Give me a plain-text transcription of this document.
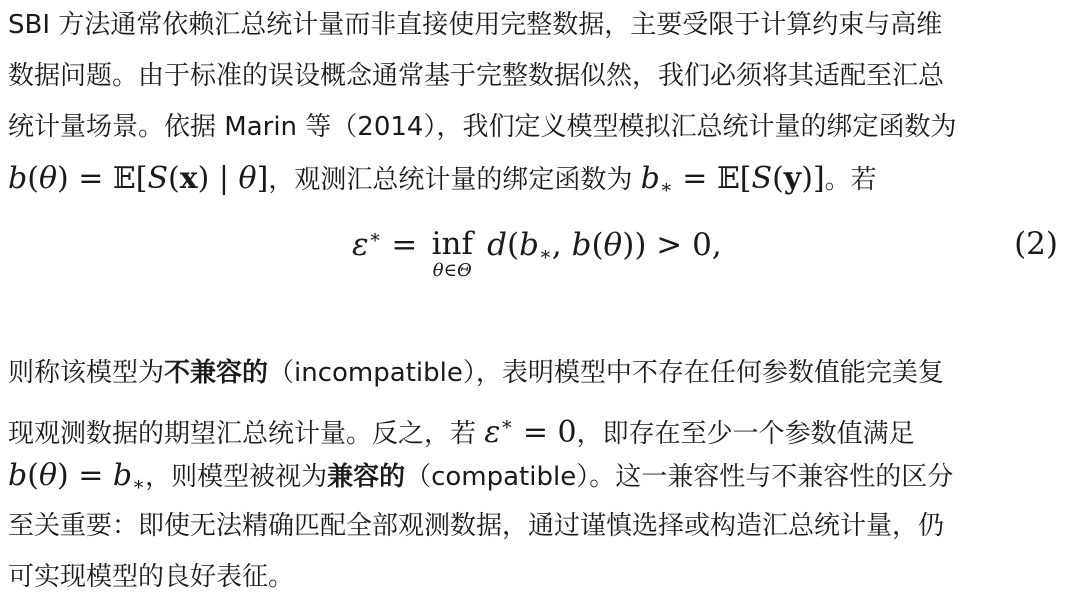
SBI 方法通常依赖汇总统计量而非直接使用完整数据，主要受限于计算约束与高维
数据问题。由于标准的误设概念通常基于完整数据似然，我们必须将其适配至汇总
统计量场景。依据 Marin 等（2014），我们定义模型模拟汇总统计量的绑定函数为
b(θ) = 𝔼[S(x) | θ]，观测汇总统计量的绑定函数为 $b_∗$ = 𝔼[S(y)]。若
ε∗ = inf
θ∈Θ
$d(b_∗$, b(θ)) > 0,	(2)
则称该模型为不兼容的（incompatible），表明模型中不存在任何参数值能完美复
现观测数据的期望汇总统计量。反之，若 ε∗ = 0，即存在至少一个参数值满足
$b(\theta) = b_∗$，则模型被视为兼容的（compatible）。这一兼容性与不兼容性的区分
至关重要：即使无法精确匹配全部观测数据，通过谨慎选择或构造汇总统计量，仍
可实现模型的良好表征。
